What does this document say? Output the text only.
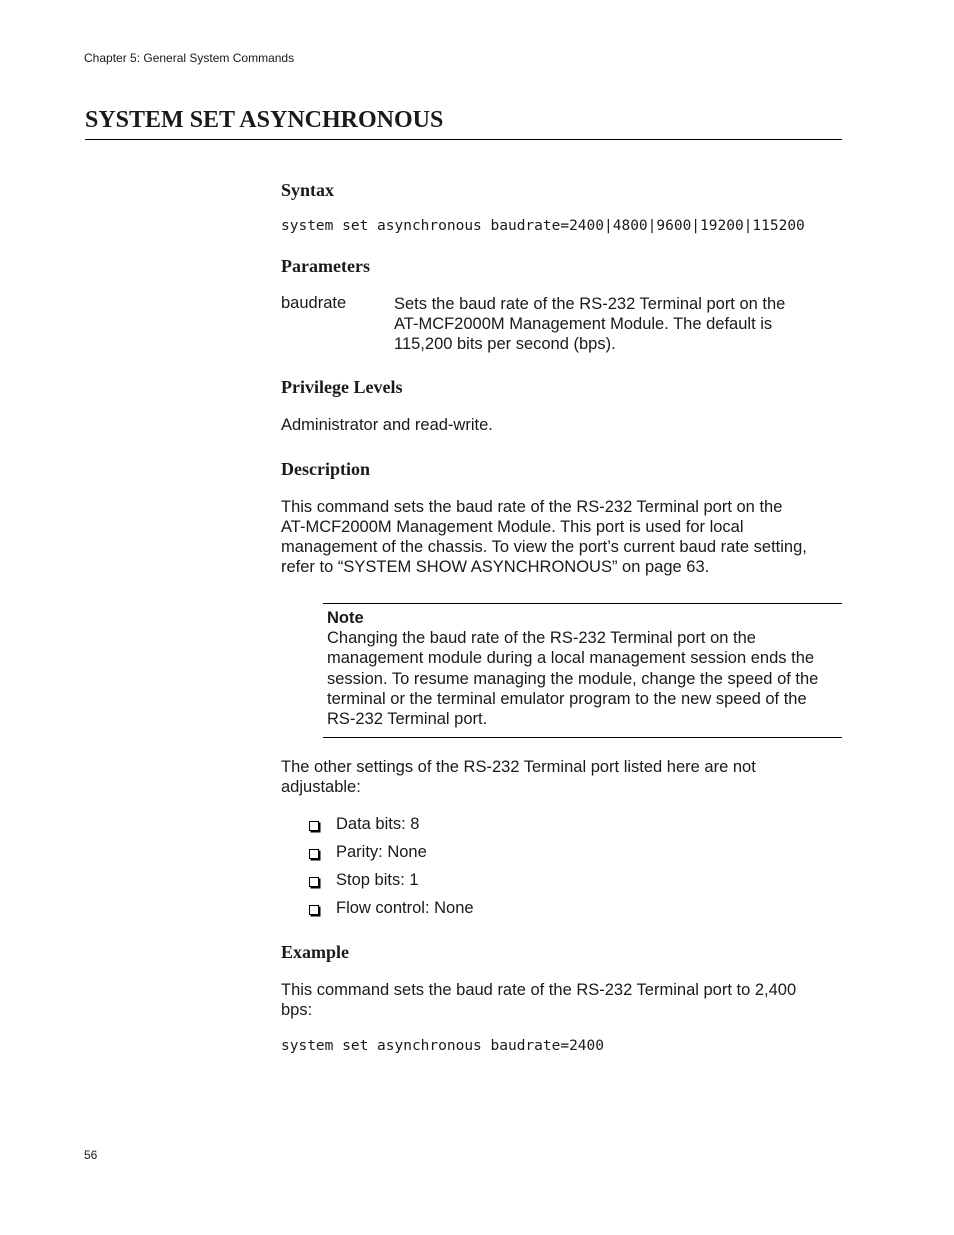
Chapter 5: General System Commands
SYSTEM SET ASYNCHRONOUS
Syntax
system set asynchronous baudrate=2400|4800|9600|19200|115200
Parameters
baudrate	Sets the baud rate of the RS-232 Terminal port on the
AT-MCF2000M Management Module. The default is
115,200 bits per second (bps).
Privilege Levels
Administrator and read-write.
Description
This command sets the baud rate of the RS-232 Terminal port on the
AT-MCF2000M Management Module. This port is used for local
management of the chassis. To view the port’s current baud rate setting,
refer to “SYSTEM SHOW ASYNCHRONOUS” on page 63.
Note
Changing the baud rate of the RS-232 Terminal port on the
management module during a local management session ends the
session. To resume managing the module, change the speed of the
terminal or the terminal emulator program to the new speed of the
RS-232 Terminal port.
The other settings of the RS-232 Terminal port listed here are not
adjustable:
Data bits: 8
Parity: None
Stop bits: 1
Flow control: None
Example
This command sets the baud rate of the RS-232 Terminal port to 2,400
bps:
system set asynchronous baudrate=2400
56
